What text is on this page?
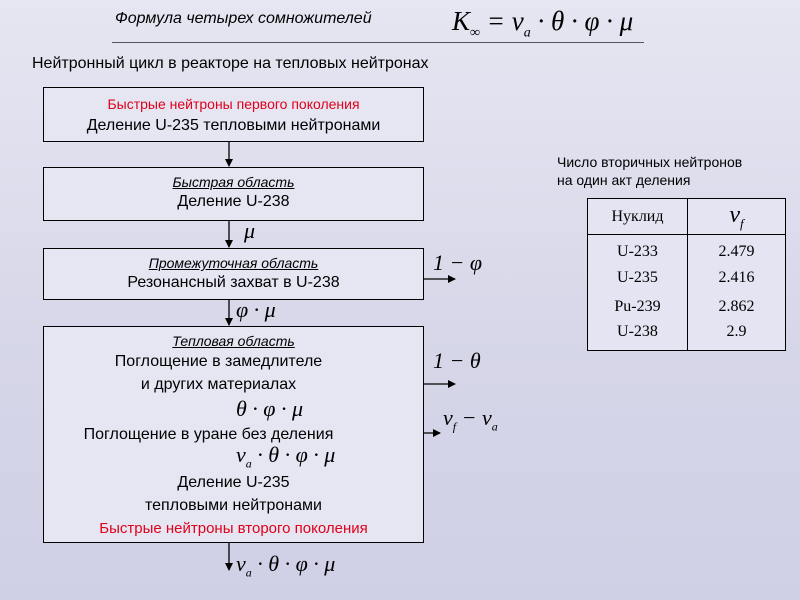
Формула четырех сомножителей	$K_\infty = \nu_a \cdot \theta \cdot \varphi \cdot \mu$
Нейтронный цикл в реакторе на тепловых нейтронах
Быстрые нейтроны первого поколения
Деление U-235 тепловыми нейтронами
Быстрая область
Деление U-238
Промежуточная область
Резонансный захват в U-238
Тепловая область
Поглощение в замедлителе
и других материалах
Поглощение в уране без деления
Деление U-235
тепловыми нейтронами
Быстрые нейтроны второго поколения
μ
φ · μ
1 − φ
1 − θ
θ · φ · μ	$\nu_f - \nu_a$
$\nu_a \cdot \theta \cdot \varphi \cdot \mu$
$\nu_a \cdot \theta \cdot \varphi \cdot \mu$
Число вторичных нейтронов
на один акт деления
Нуклид	$\nu_f$
U-233	2.479
U-235	2.416
Pu-239	2.862
U-238	2.9
